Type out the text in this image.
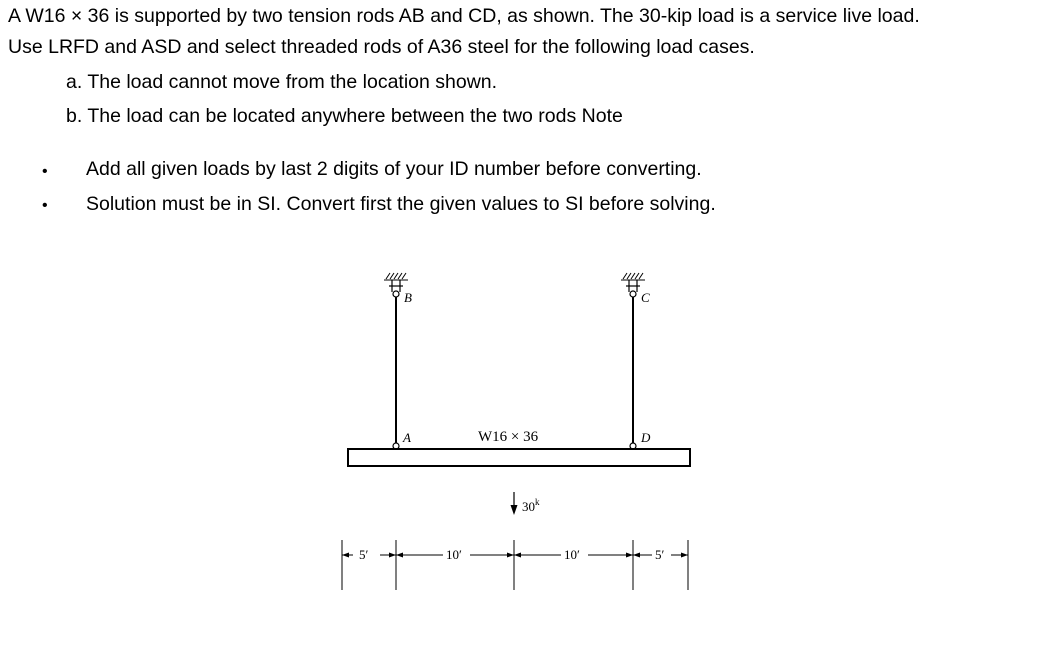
A W16 × 36 is supported by two tension rods AB and CD, as shown. The 30-kip load is a service live load.
Use LRFD and ASD and select threaded rods of A36 steel for the following load cases.
a. The load cannot move from the location shown.
b. The load can be located anywhere between the two rods Note
• Add all given loads by last 2 digits of your ID number before converting.
• Solution must be in SI. Convert first the given values to SI before solving.
B
A
C
D
W16 × 36
30$^k$
5′	10′	10′	5′
